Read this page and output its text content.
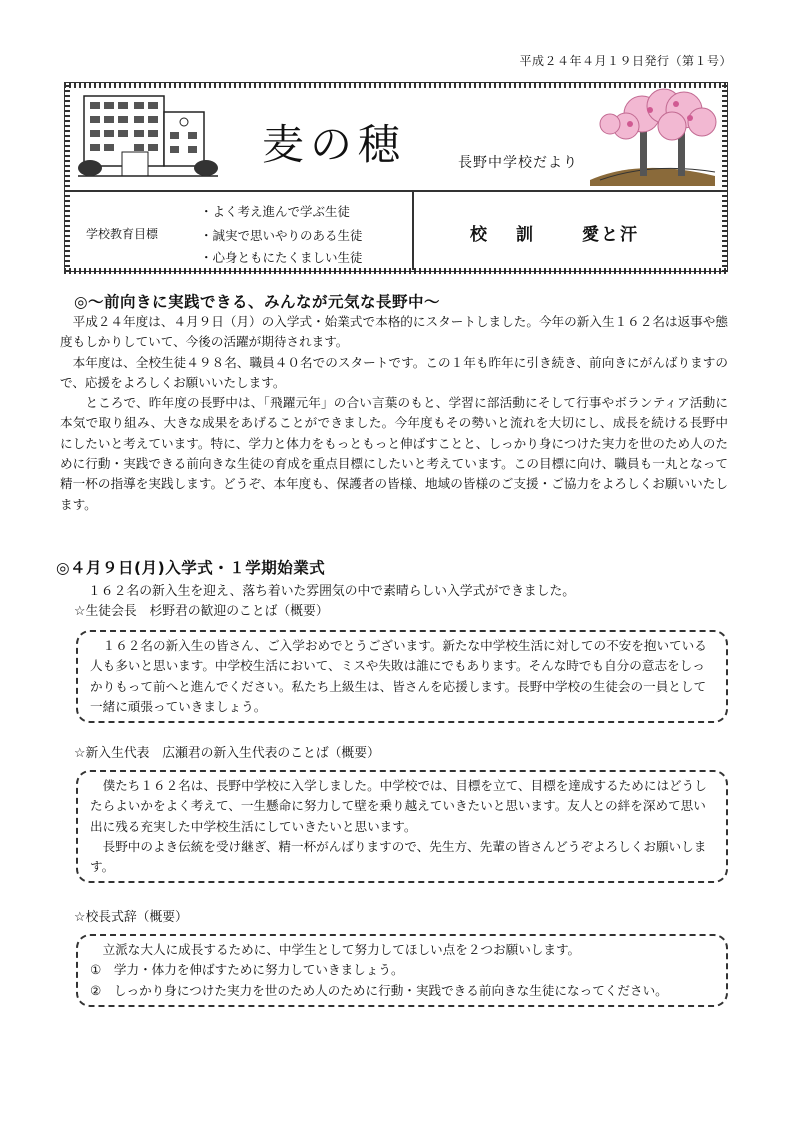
平成２４年４月１９日発行（第１号）
麦の穂	長野中学校だより
学校教育目標
・よく考え進んで学ぶ生徒
・誠実で思いやりのある生徒
・心身ともにたくましい生徒
校　訓	愛と汗
◎～前向きに実践できる、みんなが元気な長野中～

平成２４年度は、４月９日（月）の入学式・始業式で本格的にスタートしました。今年の新入生１６２名は返事や態度もしかりしていて、今後の活躍が期待されます。

本年度は、全校生徒４９８名、職員４０名でのスタートです。この１年も昨年に引き続き、前向きにがんばりますので、応援をよろしくお願いいたします。

　ところで、昨年度の長野中は、「飛躍元年」の合い言葉のもと、学習に部活動にそして行事やボランティア活動に本気で取り組み、大きな成果をあげることができました。今年度もその勢いと流れを大切にし、成長を続ける長野中にしたいと考えています。特に、学力と体力をもっともっと伸ばすことと、しっかり身につけた実力を世のため人のために行動・実践できる前向きな生徒の育成を重点目標にしたいと考えています。この目標に向け、職員も一丸となって精一杯の指導を実践します。どうぞ、本年度も、保護者の皆様、地域の皆様のご支援・ご協力をよろしくお願いいたします。

◎４月９日(月)入学式・１学期始業式
１６２名の新入生を迎え、落ち着いた雰囲気の中で素晴らしい入学式ができました。
☆生徒会長　杉野君の歓迎のことば（概要）

１６２名の新入生の皆さん、ご入学おめでとうございます。新たな中学校生活に対しての不安を抱いている人も多いと思います。中学校生活において、ミスや失敗は誰にでもあります。そんな時でも自分の意志をしっかりもって前へと進んでください。私たち上級生は、皆さんを応援します。長野中学校の生徒会の一員として一緒に頑張っていきましょう。

☆新入生代表　広瀬君の新入生代表のことば（概要）

僕たち１６２名は、長野中学校に入学しました。中学校では、目標を立て、目標を達成するためにはどうしたらよいかをよく考えて、一生懸命に努力して壁を乗り越えていきたいと思います。友人との絆を深めて思い出に残る充実した中学校生活にしていきたいと思います。

長野中のよき伝統を受け継ぎ、精一杯がんばりますので、先生方、先輩の皆さんどうぞよろしくお願いします。

☆校長式辞（概要）

立派な大人に成長するために、中学生として努力してほしい点を２つお願いします。

①　学力・体力を伸ばすために努力していきましょう。

②　しっかり身につけた実力を世のため人のために行動・実践できる前向きな生徒になってください。
